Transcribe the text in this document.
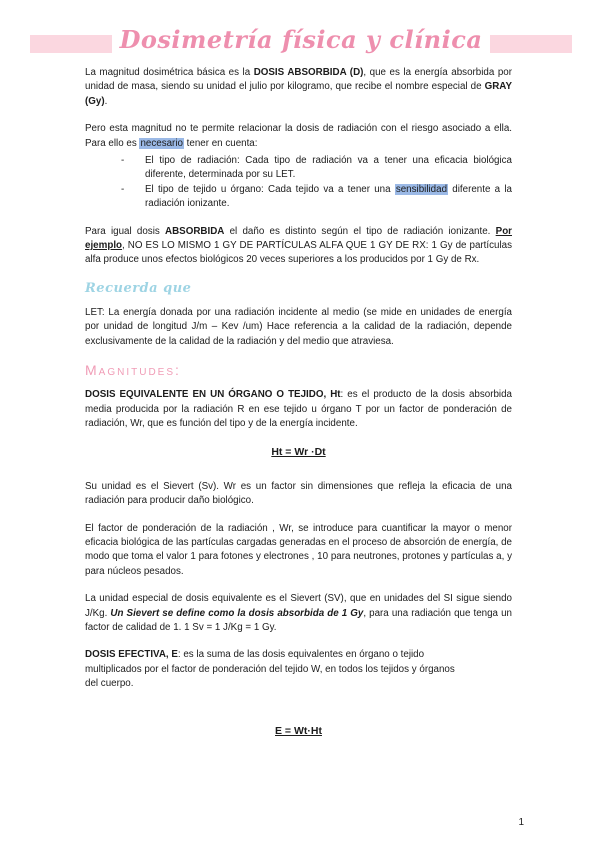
Dosimetría física y clínica

La magnitud dosimétrica básica es la DOSIS ABSORBIDA (D), que es la energía absorbida por unidad de masa, siendo su unidad el julio por kilogramo, que recibe el nombre especial de GRAY (Gy).

Pero esta magnitud no te permite relacionar la dosis de radiación con el riesgo asociado a ella. Para ello es necesario tener en cuenta:

-	El tipo de radiación: Cada tipo de radiación va a tener una eficacia biológica diferente, determinada por su LET.
-	El tipo de tejido u órgano: Cada tejido va a tener una sensibilidad diferente a la radiación ionizante.

Para igual dosis ABSORBIDA el daño es distinto según el tipo de radiación ionizante. Por ejemplo, NO ES LO MISMO 1 GY DE PARTÍCULAS ALFA QUE 1 GY DE RX: 1 Gy de partículas alfa produce unos efectos biológicos 20 veces superiores a los producidos por 1 Gy de Rx.

Recuerda que

LET: La energía donada por una radiación incidente al medio (se mide en unidades de energía por unidad de longitud J/m – Kev /um) Hace referencia a la calidad de la radiación, depende exclusivamente de la calidad de la radiación y del medio que atraviesa.

Magnitudes:

DOSIS EQUIVALENTE EN UN ÓRGANO O TEJIDO, Ht: es el producto de la dosis absorbida media producida por la radiación R en ese tejido u órgano T por un factor de ponderación de radiación, Wr, que es función del tipo y de la energía incidente.

Ht = Wr ·Dt

Su unidad es el Sievert (Sv). Wr es un factor sin dimensiones que refleja la eficacia de una radiación para producir daño biológico.

El factor de ponderación de la radiación , Wr, se introduce para cuantificar la mayor o menor eficacia biológica de las partículas cargadas generadas en el proceso de absorción de energía, de modo que toma el valor 1 para fotones y electrones , 10 para neutrones, protones y partículas a, y para núcleos pesados.

La unidad especial de dosis equivalente es el Sievert (SV), que en unidades del SI sigue siendo J/Kg. Un Sievert se define como la dosis absorbida de 1 Gy, para una radiación que tenga un factor de calidad de 1. 1 Sv = 1 J/Kg = 1 Gy.

DOSIS EFECTIVA, E: es la suma de las dosis equivalentes en órgano o tejido multiplicados por el factor de ponderación del tejido W, en todos los tejidos y órganos del cuerpo.

E = Wt·Ht

1
